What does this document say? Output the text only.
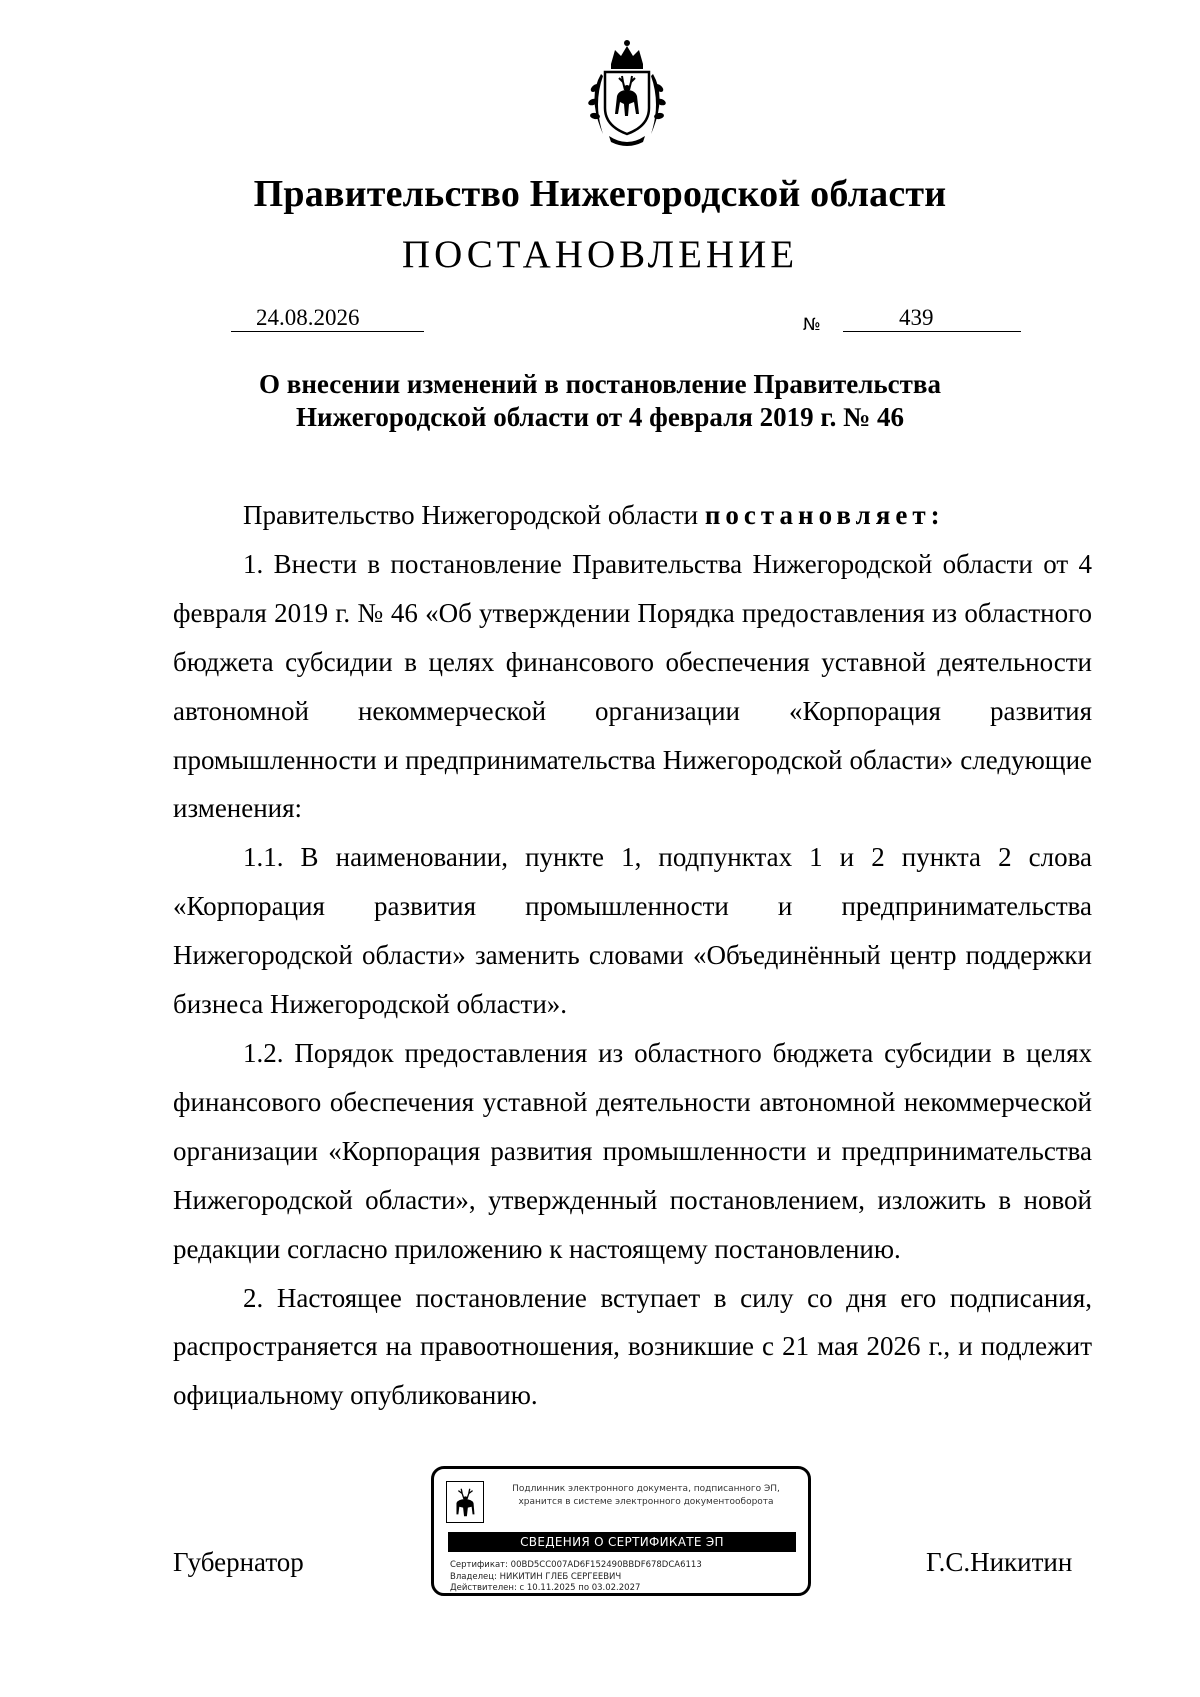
Правительство Нижегородской области
ПОСТАНОВЛЕНИЕ
24.08.2026	№	439
О внесении изменений в постановление Правительства
Нижегородской области от 4 февраля 2019 г. № 46

Правительство Нижегородской области постановляет:

1. Внести в постановление Правительства Нижегородской области от 4 февраля 2019 г. № 46 «Об утверждении Порядка предоставления из областного бюджета субсидии в целях финансового обеспечения уставной деятельности автономной некоммерческой организации «Корпорация развития промышленности и предпринимательства Нижегородской области» следующие изменения:

1.1. В наименовании, пункте 1, подпунктах 1 и 2 пункта 2 слова «Корпорация развития промышленности и предпринимательства Нижегородской области» заменить словами «Объединённый центр поддержки бизнеса Нижегородской области».

1.2. Порядок предоставления из областного бюджета субсидии в целях финансового обеспечения уставной деятельности автономной некоммерческой организации «Корпорация развития промышленности и предпринимательства Нижегородской области», утвержденный постановлением, изложить в новой редакции согласно приложению к настоящему постановлению.

2. Настоящее постановление вступает в силу со дня его подписания, распространяется на правоотношения, возникшие с 21 мая 2026 г., и подлежит официальному опубликованию.

Губернатор	Г.С.Никитин
Подлинник электронного документа, подписанного ЭП,
хранится в системе электронного документооборота
СВЕДЕНИЯ О СЕРТИФИКАТЕ ЭП
Сертификат: 00BD5CC007AD6F152490BBDF678DCA6113
Владелец: НИКИТИН ГЛЕБ СЕРГЕЕВИЧ
Действителен: с 10.11.2025 по 03.02.2027
